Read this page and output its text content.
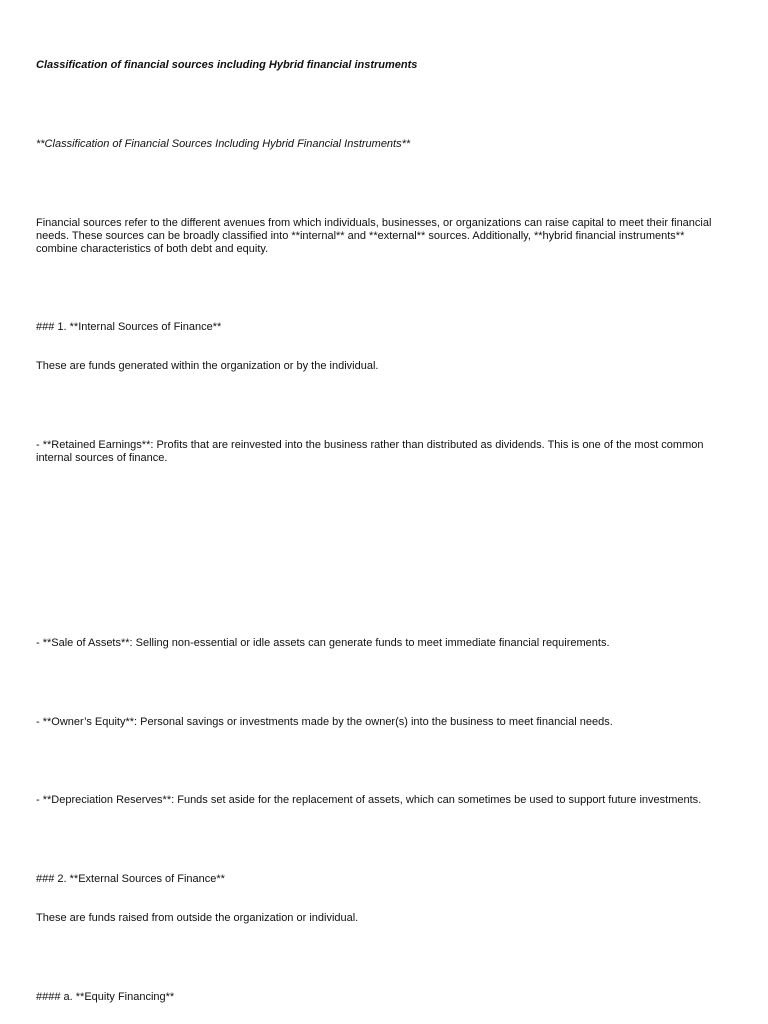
Classification of financial sources including Hybrid financial instruments

**Classification of Financial Sources Including Hybrid Financial Instruments**

Financial sources refer to the different avenues from which individuals, businesses, or organizations can raise capital to meet their financial needs. These sources can be broadly classified into **internal** and **external** sources. Additionally, **hybrid financial instruments** combine characteristics of both debt and equity.

### 1. **Internal Sources of Finance**

These are funds generated within the organization or by the individual.

- **Retained Earnings**: Profits that are reinvested into the business rather than distributed as dividends. This is one of the most common internal sources of finance.

- **Sale of Assets**: Selling non-essential or idle assets can generate funds to meet immediate financial requirements.

- **Owner’s Equity**: Personal savings or investments made by the owner(s) into the business to meet financial needs.

- **Depreciation Reserves**: Funds set aside for the replacement of assets, which can sometimes be used to support future investments.

### 2. **External Sources of Finance**

These are funds raised from outside the organization or individual.

#### a. **Equity Financing**
